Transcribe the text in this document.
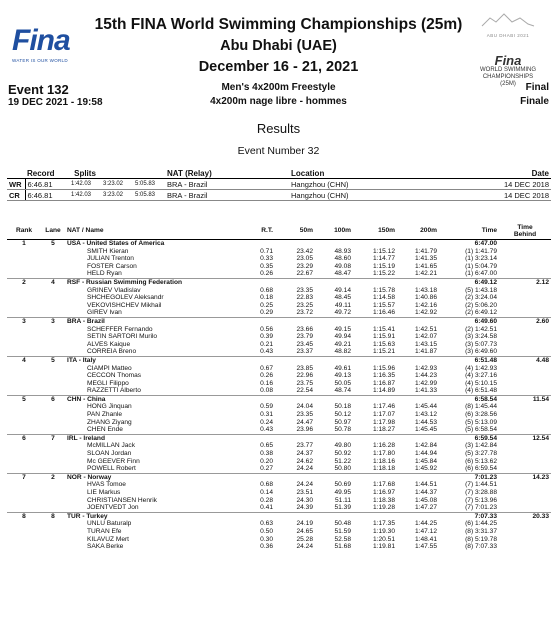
Fina
WATER IS OUR WORLD
Event 132
19 DEC 2021 - 19:58
15th FINA World Swimming Championships (25m)
Abu Dhabi (UAE)
December 16 - 21, 2021
Men's 4x200m Freestyle
4x200m nage libre - hommes
ABU DHABI 2021
Fina
WORLD SWIMMING
CHAMPIONSHIPS
(25M) Final
Finale
Results
Event Number 32
	Record	Splits			NAT (Relay)	Location	Date
WR	6:46.81	1:42.03	3:23.02	5:05.83	BRA - Brazil	Hangzhou (CHN)	14 DEC 2018
CR	6:46.81	1:42.03	3:23.02	5:05.83	BRA - Brazil	Hangzhou (CHN)	14 DEC 2018
Rank	Lane	NAT / Name	R.T.	50m	100m	150m	200m	Time	Time
Behind
1	5	USA - United States of America						6:47.00	
		SMITH Kieran	0.71	23.42	48.93	1:15.12	1:41.79	(1) 1:41.79	
		JULIAN Trenton	0.33	23.05	48.60	1:14.77	1:41.35	(1) 3:23.14	
		FOSTER Carson	0.35	23.29	49.08	1:15.19	1:41.65	(1) 5:04.79	
		HELD Ryan	0.26	22.67	48.47	1:15.22	1:42.21	(1) 6:47.00	
2	4	RSF - Russian Swimming Federation						6:49.12	2.12
		GRINEV Vladislav	0.68	23.35	49.14	1:15.78	1:43.18	(5) 1:43.18	
		SHCHEGOLEV Aleksandr	0.18	22.83	48.45	1:14.58	1:40.86	(2) 3:24.04	
		VEKOVISHCHEV Mikhail	0.25	23.25	49.11	1:15.57	1:42.16	(2) 5:06.20	
		GIREV Ivan	0.29	23.72	49.72	1:16.46	1:42.92	(2) 6:49.12	
3	3	BRA - Brazil						6:49.60	2.60
		SCHEFFER Fernando	0.56	23.66	49.15	1:15.41	1:42.51	(2) 1:42.51	
		SETIN SARTORI Murilo	0.39	23.79	49.94	1:15.91	1:42.07	(3) 3:24.58	
		ALVES Kaique	0.21	23.45	49.21	1:15.63	1:43.15	(3) 5:07.73	
		CORREIA Breno	0.43	23.37	48.82	1:15.21	1:41.87	(3) 6:49.60	
4	5	ITA - Italy						6:51.48	4.48
		CIAMPI Matteo	0.67	23.85	49.61	1:15.96	1:42.93	(4) 1:42.93	
		CECCON Thomas	0.26	22.96	49.13	1:16.35	1:44.23	(4) 3:27.16	
		MEGLI Filippo	0.16	23.75	50.05	1:16.87	1:42.99	(4) 5:10.15	
		RAZZETTI Alberto	0.08	22.54	48.74	1:14.89	1:41.33	(4) 6:51.48	
5	6	CHN - China						6:58.54	11.54
		HONG Jinquan	0.59	24.04	50.18	1:17.46	1:45.44	(8) 1:45.44	
		PAN Zhanle	0.31	23.35	50.12	1:17.07	1:43.12	(6) 3:28.56	
		ZHANG Ziyang	0.24	24.47	50.97	1:17.98	1:44.53	(5) 5:13.09	
		CHEN Ende	0.43	23.96	50.78	1:18.27	1:45.45	(5) 6:58.54	
6	7	IRL - Ireland						6:59.54	12.54
		McMILLAN Jack	0.65	23.77	49.80	1:16.28	1:42.84	(3) 1:42.84	
		SLOAN Jordan	0.38	24.37	50.92	1:17.80	1:44.94	(5) 3:27.78	
		Mc GEEVER Finn	0.20	24.62	51.22	1:18.16	1:45.84	(6) 5:13.62	
		POWELL Robert	0.27	24.24	50.80	1:18.18	1:45.92	(6) 6:59.54	
7	2	NOR - Norway						7:01.23	14.23
		HVAS Tomoe	0.68	24.24	50.69	1:17.68	1:44.51	(7) 1:44.51	
		LIE Markus	0.14	23.51	49.95	1:16.97	1:44.37	(7) 3:28.88	
		CHRISTIANSEN Henrik	0.28	24.30	51.11	1:18.38	1:45.08	(7) 5:13.96	
		JOENTVEDT Jon	0.41	24.39	51.39	1:19.28	1:47.27	(7) 7:01.23	
8	8	TUR - Turkey						7:07.33	20.33
		UNLU Baturalp	0.63	24.19	50.48	1:17.35	1:44.25	(6) 1:44.25	
		TURAN Efe	0.50	24.65	51.59	1:19.30	1:47.12	(8) 3:31.37	
		KILAVUZ Mert	0.30	25.28	52.58	1:20.51	1:48.41	(8) 5:19.78	
		SAKA Berke	0.36	24.24	51.68	1:19.81	1:47.55	(8) 7:07.33	
